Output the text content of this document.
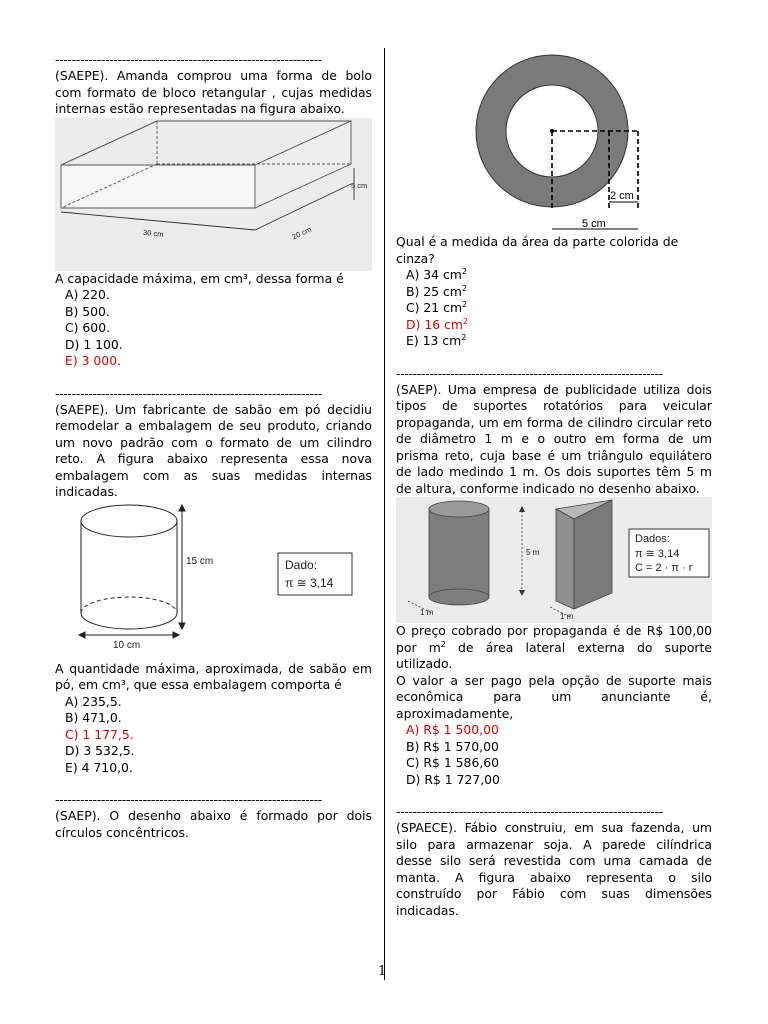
----------------------------------------------------------------

(SAEPE). Amanda comprou uma forma de bolo com formato de bloco retangular , cujas medidas internas estão representadas na figura abaixo.

5 cm
30 cm	20 cm
A capacidade máxima, em cm³, dessa forma é
A) 220.
B) 500.
C) 600.
D) 1 100.
E) 3 000.
----------------------------------------------------------------

(SAEPE). Um fabricante de sabão em pó decidiu remodelar a embalagem de seu produto, criando um novo padrão com o formato de um cilindro reto. A figura abaixo representa essa nova embalagem com as suas medidas internas indicadas.

15 cm
10 cm
Dado:
π ≅ 3,14

A quantidade máxima, aproximada, de sabão em pó, em cm³, que essa embalagem comporta é

A) 235,5.
B) 471,0.
C) 1 177,5.
D) 3 532,5.
E) 4 710,0.
----------------------------------------------------------------

(SAEP). O desenho abaixo é formado por dois círculos concêntricos.

2 cm
5 cm
Qual é a medida da área da parte colorida de cinza?
A) 34 $cm^2$
B) 25 $cm^2$
C) 21 $cm^2$
D) 16 $cm^2$
E) 13 $cm^2$
----------------------------------------------------------------

(SAEP). Uma empresa de publicidade utiliza dois tipos de suportes rotatórios para veicular propaganda, um em forma de cilindro circular reto de diâmetro 1 m e o outro em forma de um prisma reto, cuja base é um triângulo equilátero de lado medindo 1 m. Os dois suportes têm 5 m de altura, conforme indicado no desenho abaixo.

5 m
1 m	1 m
Dados:
π ≅ 3,14
C = 2 · π · r

O preço cobrado por propaganda é de R$ 100,00 por $m^2$ de área lateral externa do suporte utilizado.

O valor a ser pago pela opção de suporte mais econômica para um anunciante é, aproximadamente,

A) R$ 1 500,00
B) R$ 1 570,00
C) R$ 1 586,60
D) R$ 1 727,00
----------------------------------------------------------------

(SPAECE). Fábio construiu, em sua fazenda, um silo para armazenar soja. A parede cilíndrica desse silo será revestida com uma camada de manta. A figura abaixo representa o silo construído por Fábio com suas dimensões indicadas.

1
